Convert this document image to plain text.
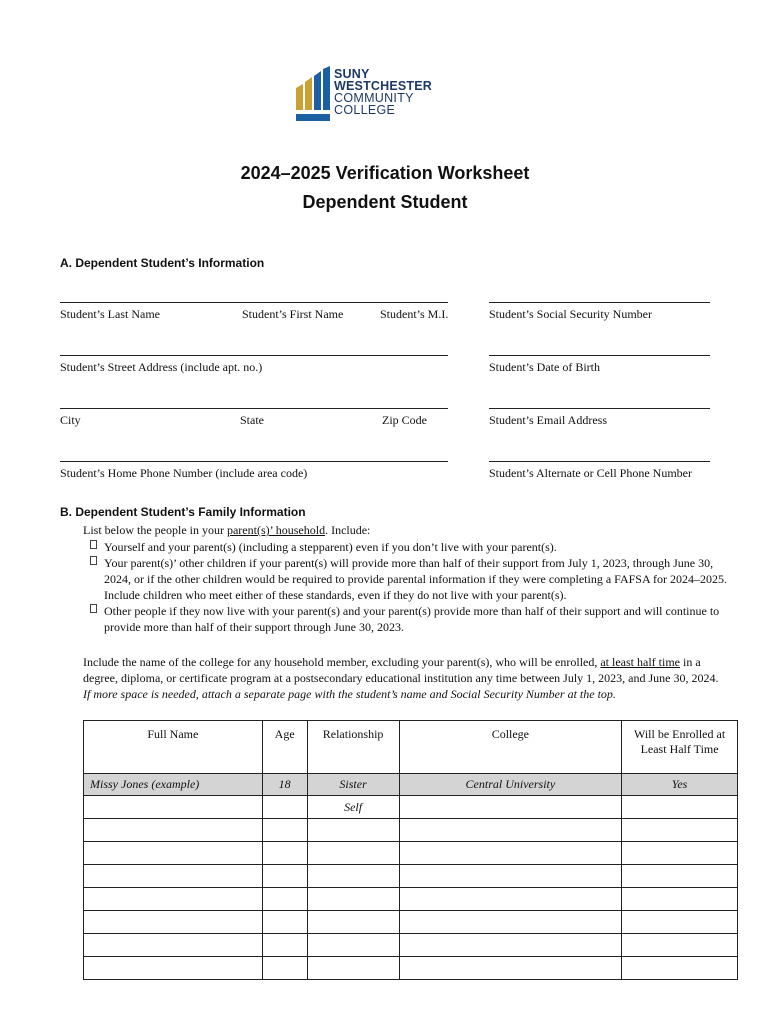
SUNY
WESTCHESTER
COMMUNITY
COLLEGE
2024–2025 Verification Worksheet
Dependent Student
A. Dependent Student’s Information
Student’s Last Name	Student’s First Name	Student’s M.I.	Student’s Social Security Number
Student’s Street Address (include apt. no.)	Student’s Date of Birth
City	State	Zip Code	Student’s Email Address
Student’s Home Phone Number (include area code)	Student’s Alternate or Cell Phone Number
B. Dependent Student’s Family Information
List below the people in your parent(s)’ household. Include:
Yourself and your parent(s) (including a stepparent) even if you don’t live with your parent(s).
Your parent(s)’ other children if your parent(s) will provide more than half of their support from July 1, 2023, through June 30, 2024, or if the other children would be required to provide parental information if they were completing a FAFSA for 2024–2025. Include children who meet either of these standards, even if they do not live with your parent(s).
Other people if they now live with your parent(s) and your parent(s) provide more than half of their support and will continue to provide more than half of their support through June 30, 2023.
Include the name of the college for any household member, excluding your parent(s), who will be enrolled, at least half time in a degree, diploma, or certificate program at a postsecondary educational institution any time between July 1, 2023, and June 30, 2024. If more space is needed, attach a separate page with the student’s name and Social Security Number at the top.
Full Name	Age	Relationship	College	Will be Enrolled at Least Half Time
Missy Jones (example)	18	Sister	Central University	Yes
		Self		
